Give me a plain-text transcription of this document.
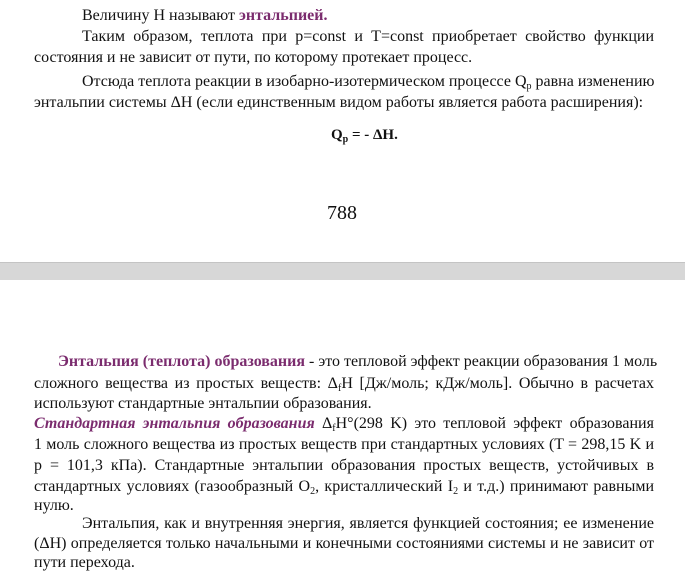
Величину H называют энтальпией.
Таким образом, теплота при p=const и T=const приобретает свойство функции
состояния и не зависит от пути, по которому протекает процесс.
Отсюда теплота реакции в изобарно-изотермическом процессе $Q_p$ равна изменению
энтальпии системы ΔH (если единственным видом работы является работа расширения):
$Q_p$ = - ΔH.
788
Энтальпия (теплота) образования - это тепловой эффект реакции образования 1 моль
сложного вещества из простых веществ: $\Delta_fH$ [Дж/моль; кДж/моль]. Обычно в расчетах
используют стандартные энтальпии образования.
Стандартная энтальпия образования $\Delta_fH^\circ(298$ K) это тепловой эффект образования
1 моль сложного вещества из простых веществ при стандартных условиях (T = 298,15 K и
p = 101,3 кПа). Стандартные энтальпии образования простых веществ, устойчивых в
стандартных условиях (газообразный $O_2$, кристаллический $I_2$ и т.д.) принимают равными
нулю.
Энтальпия, как и внутренняя энергия, является функцией состояния; ее изменение
(ΔH) определяется только начальными и конечными состояниями системы и не зависит от
пути перехода.
